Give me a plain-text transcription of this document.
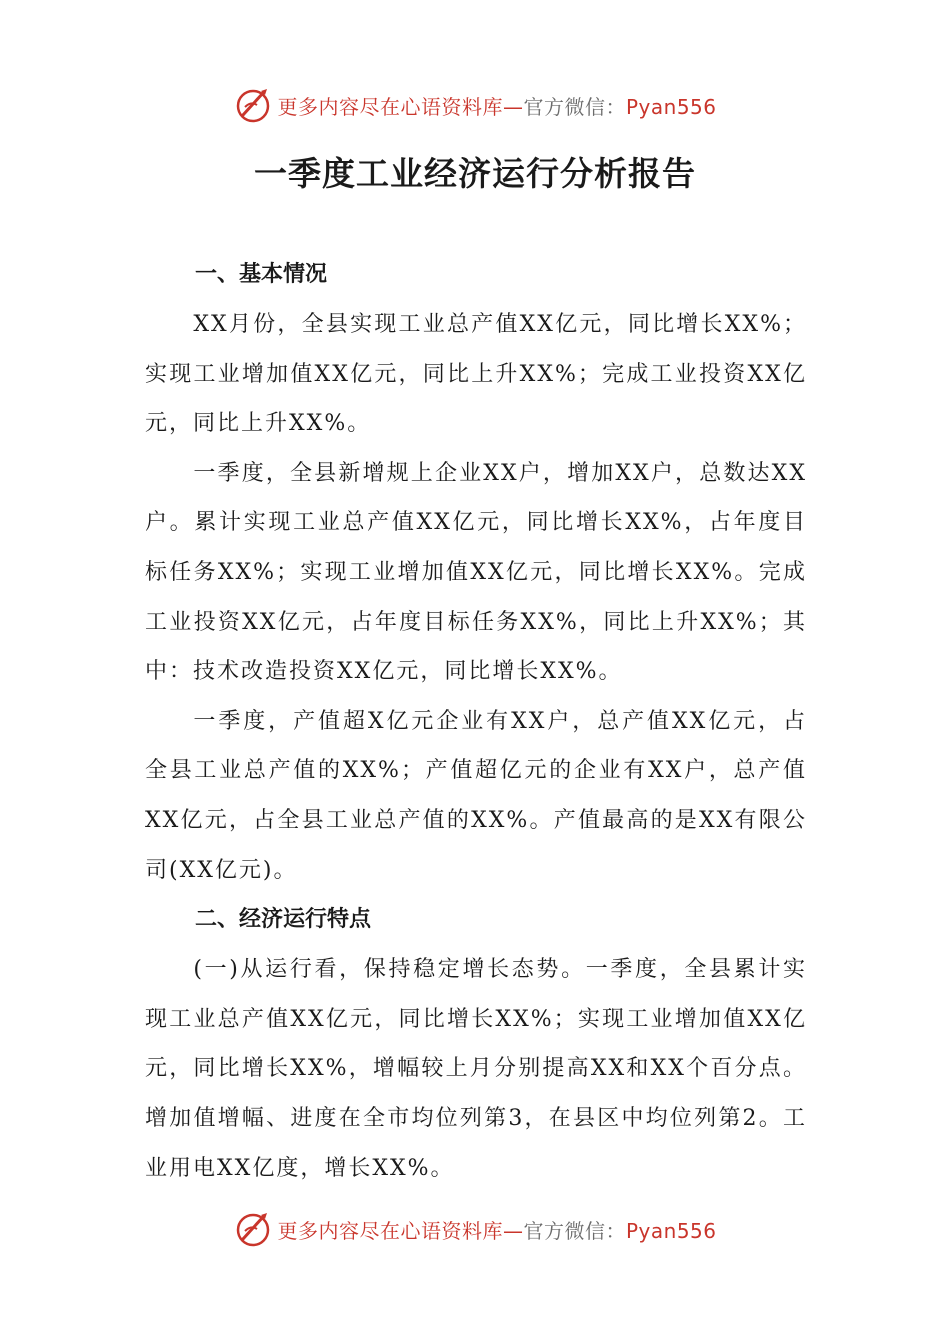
更多内容尽在心语资料库—官方微信：Pyan556
一季度工业经济运行分析报告
一、基本情况

XX月份，全县实现工业总产值XX亿元，同比增长XX%；实现工业增加值XX亿元，同比上升XX%；完成工业投资XX亿元，同比上升XX%。

一季度，全县新增规上企业XX户，增加XX户，总数达XX户。累计实现工业总产值XX亿元，同比增长XX%，占年度目标任务XX%；实现工业增加值XX亿元，同比增长XX%。完成工业投资XX亿元，占年度目标任务XX%，同比上升XX%；其中：技术改造投资XX亿元，同比增长XX%。

一季度，产值超X亿元企业有XX户，总产值XX亿元，占全县工业总产值的XX%；产值超亿元的企业有XX户，总产值XX亿元，占全县工业总产值的XX%。产值最高的是XX有限公司(XX亿元)。

二、经济运行特点

(一)从运行看，保持稳定增长态势。一季度，全县累计实现工业总产值XX亿元，同比增长XX%；实现工业增加值XX亿元，同比增长XX%，增幅较上月分别提高XX和XX个百分点。增加值增幅、进度在全市均位列第3，在县区中均位列第2。工业用电XX亿度，增长XX%。

更多内容尽在心语资料库—官方微信：Pyan556
